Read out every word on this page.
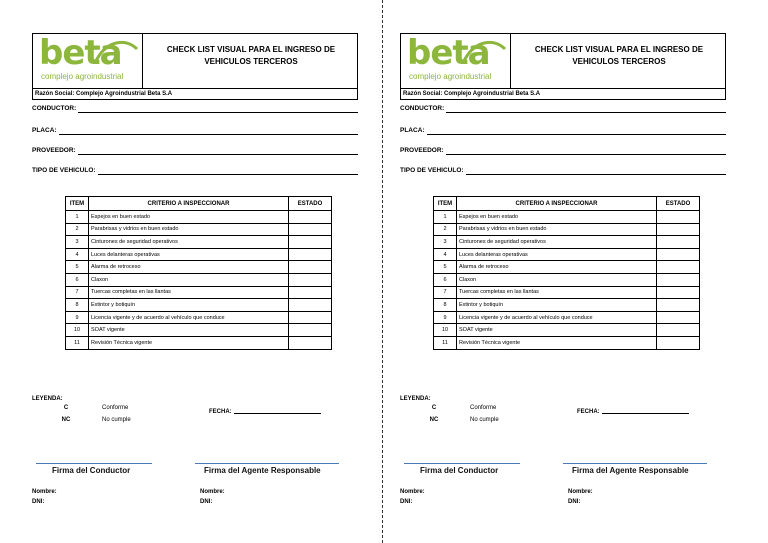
beta
complejo agroindustrial
CHECK LIST VISUAL PARA EL INGRESO DE VEHICULOS TERCEROS
Razón Social: Complejo Agroindustrial Beta S.A
CONDUCTOR:
PLACA:
PROVEEDOR:
TIPO DE VEHICULO:
ITEM	CRITERIO A INSPECCIONAR	ESTADO
1	Espejos en buen estado	
2	Parabrisas y vidrios en buen estado	
3	Cinturones de seguridad operativos	
4	Luces delanteras operativas	
5	Alarma de retroceso	
6	Claxon	
7	Tuercas completas en las llantas	
8	Extintor y botiquín	
9	Licencia vigente y de acuerdo al vehículo que conduce	
10	SOAT vigente	
11	Revisión Técnica vigente	
LEYENDA:
C	Conforme
NC	No cumple
FECHA:
Firma del Conductor	Firma del Agente Responsable
Nombre:
DNI:
Nombre:
DNI:
beta
complejo agroindustrial
CHECK LIST VISUAL PARA EL INGRESO DE VEHICULOS TERCEROS
Razón Social: Complejo Agroindustrial Beta S.A
CONDUCTOR:
PLACA:
PROVEEDOR:
TIPO DE VEHICULO:
ITEM	CRITERIO A INSPECCIONAR	ESTADO
1	Espejos en buen estado	
2	Parabrisas y vidrios en buen estado	
3	Cinturones de seguridad operativos	
4	Luces delanteras operativas	
5	Alarma de retroceso	
6	Claxon	
7	Tuercas completas en las llantas	
8	Extintor y botiquín	
9	Licencia vigente y de acuerdo al vehículo que conduce	
10	SOAT vigente	
11	Revisión Técnica vigente	
LEYENDA:
C	Conforme
NC	No cumple
FECHA:
Firma del Conductor	Firma del Agente Responsable
Nombre:
DNI:
Nombre:
DNI:
